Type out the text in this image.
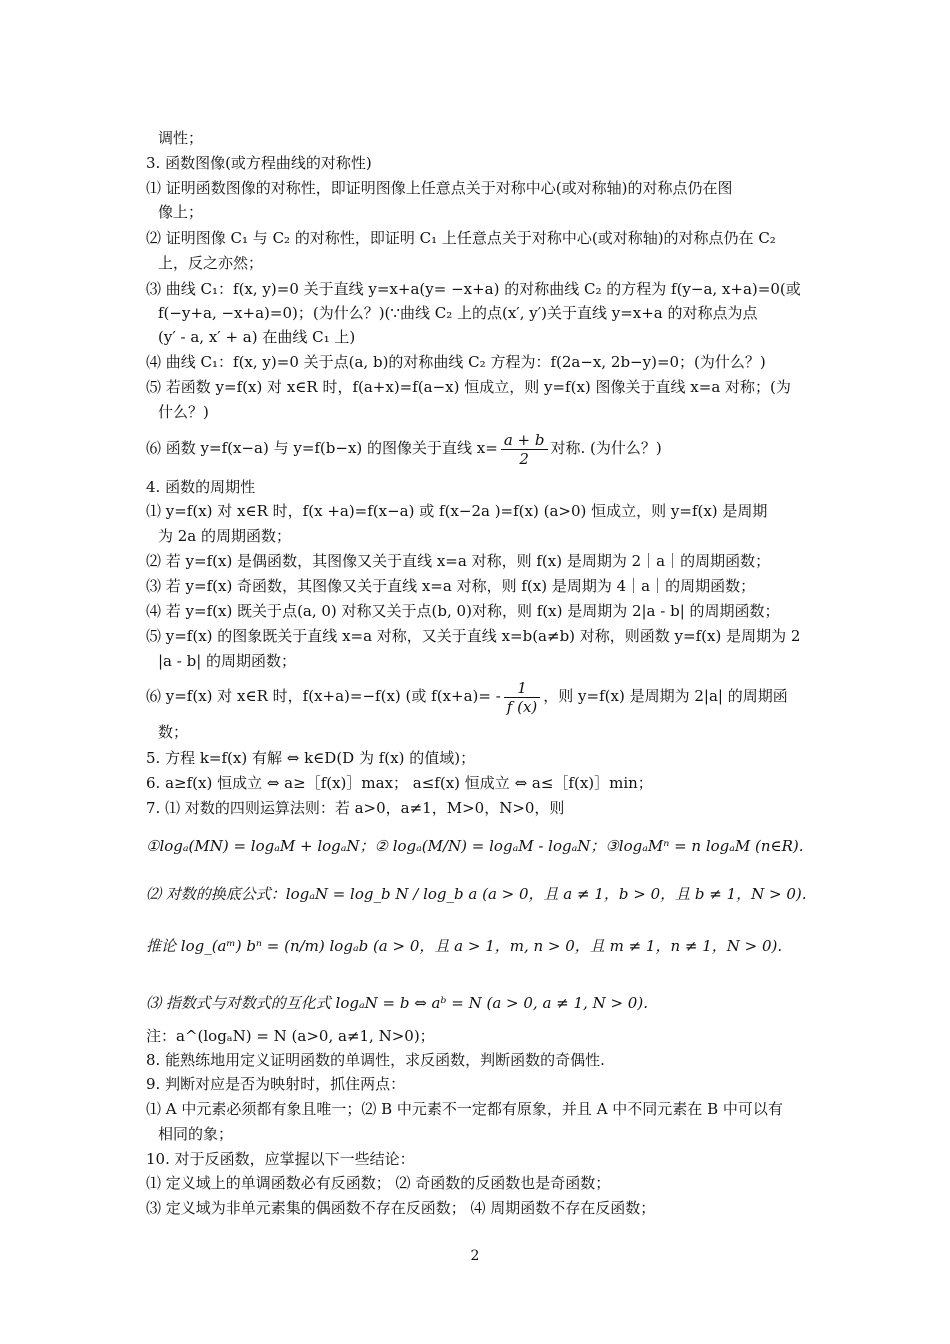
调性；
3. 函数图像(或方程曲线的对称性)
⑴ 证明函数图像的对称性，即证明图像上任意点关于对称中心(或对称轴)的对称点仍在图
像上；
⑵ 证明图像 C₁ 与 C₂ 的对称性，即证明 C₁ 上任意点关于对称中心(或对称轴)的对称点仍在 C₂
上，反之亦然；
⑶ 曲线 C₁：f(x, y)=0 关于直线 y=x+a(y= −x+a) 的对称曲线 C₂ 的方程为 f(y−a, x+a)=0(或
f(−y+a, −x+a)=0)；(为什么？)(∵曲线 C₂ 上的点(x′, y′)关于直线 y=x+a 的对称点为点
(y′ - a, x′ + a) 在曲线 C₁ 上)
⑷ 曲线 C₁：f(x, y)=0 关于点(a, b)的对称曲线 C₂ 方程为：f(2a−x, 2b−y)=0；(为什么？)
⑸ 若函数 y=f(x) 对 x∈R 时，f(a+x)=f(a−x) 恒成立，则 y=f(x) 图像关于直线 x=a 对称；(为
什么？)
⑹ 函数 y=f(x−a) 与 y=f(b−x) 的图像关于直线 $x= \frac{a + b}{2}$ 对称. (为什么？)
4. 函数的周期性
⑴ y=f(x) 对 x∈R 时，f(x +a)=f(x−a) 或 f(x−2a )=f(x) (a>0) 恒成立，则 y=f(x) 是周期
为 2a 的周期函数；
⑵ 若 y=f(x) 是偶函数，其图像又关于直线 x=a 对称，则 f(x) 是周期为 2｜a｜的周期函数；
⑶ 若 y=f(x) 奇函数，其图像又关于直线 x=a 对称，则 f(x) 是周期为 4｜a｜的周期函数；
⑷ 若 y=f(x) 既关于点(a, 0) 对称又关于点(b, 0)对称，则 f(x) 是周期为 2|a - b| 的周期函数；
⑸ y=f(x) 的图象既关于直线 x=a 对称，又关于直线 x=b(a≠b) 对称，则函数 y=f(x) 是周期为 2
|a - b| 的周期函数；
⑹ y=f(x) 对 x∈R 时，f(x+a)=−f(x) (或 $f(x+a)= - \frac{1}{f (x)}$ ，则 y=f(x) 是周期为 2|a| 的周期函
数；
5. 方程 k=f(x) 有解 ⇔ k∈D(D 为 f(x) 的值域)；
6. a≥f(x) 恒成立 ⇔ a≥［f(x)］max； a≤f(x) 恒成立 ⇔ a≤［f(x)］min；
7. ⑴ 对数的四则运算法则：若 a>0，a≠1，M>0，N>0，则
①logₐ(MN) = logₐM + logₐN；② logₐ(M/N) = logₐM - logₐN；③logₐMⁿ = n logₐM (n∈R).
⑵ 对数的换底公式：logₐN = log_b N / log_b a (a > 0，且 a ≠ 1，b > 0，且 b ≠ 1，N > 0).
推论 log_(aᵐ) bⁿ = (n/m) logₐb (a > 0，且 a > 1，m, n > 0，且 m ≠ 1，n ≠ 1，N > 0).
⑶ 指数式与对数式的互化式 logₐN = b ⇔ aᵇ = N (a > 0, a ≠ 1, N > 0).
注：a^(logₐN) = N (a>0, a≠1, N>0)；
8. 能熟练地用定义证明函数的单调性，求反函数，判断函数的奇偶性.
9. 判断对应是否为映射时，抓住两点：
⑴ A 中元素必须都有象且唯一；⑵ B 中元素不一定都有原象，并且 A 中不同元素在 B 中可以有
相同的象；
10. 对于反函数，应掌握以下一些结论：
⑴ 定义域上的单调函数必有反函数； ⑵ 奇函数的反函数也是奇函数；
⑶ 定义域为非单元素集的偶函数不存在反函数； ⑷ 周期函数不存在反函数；
2
